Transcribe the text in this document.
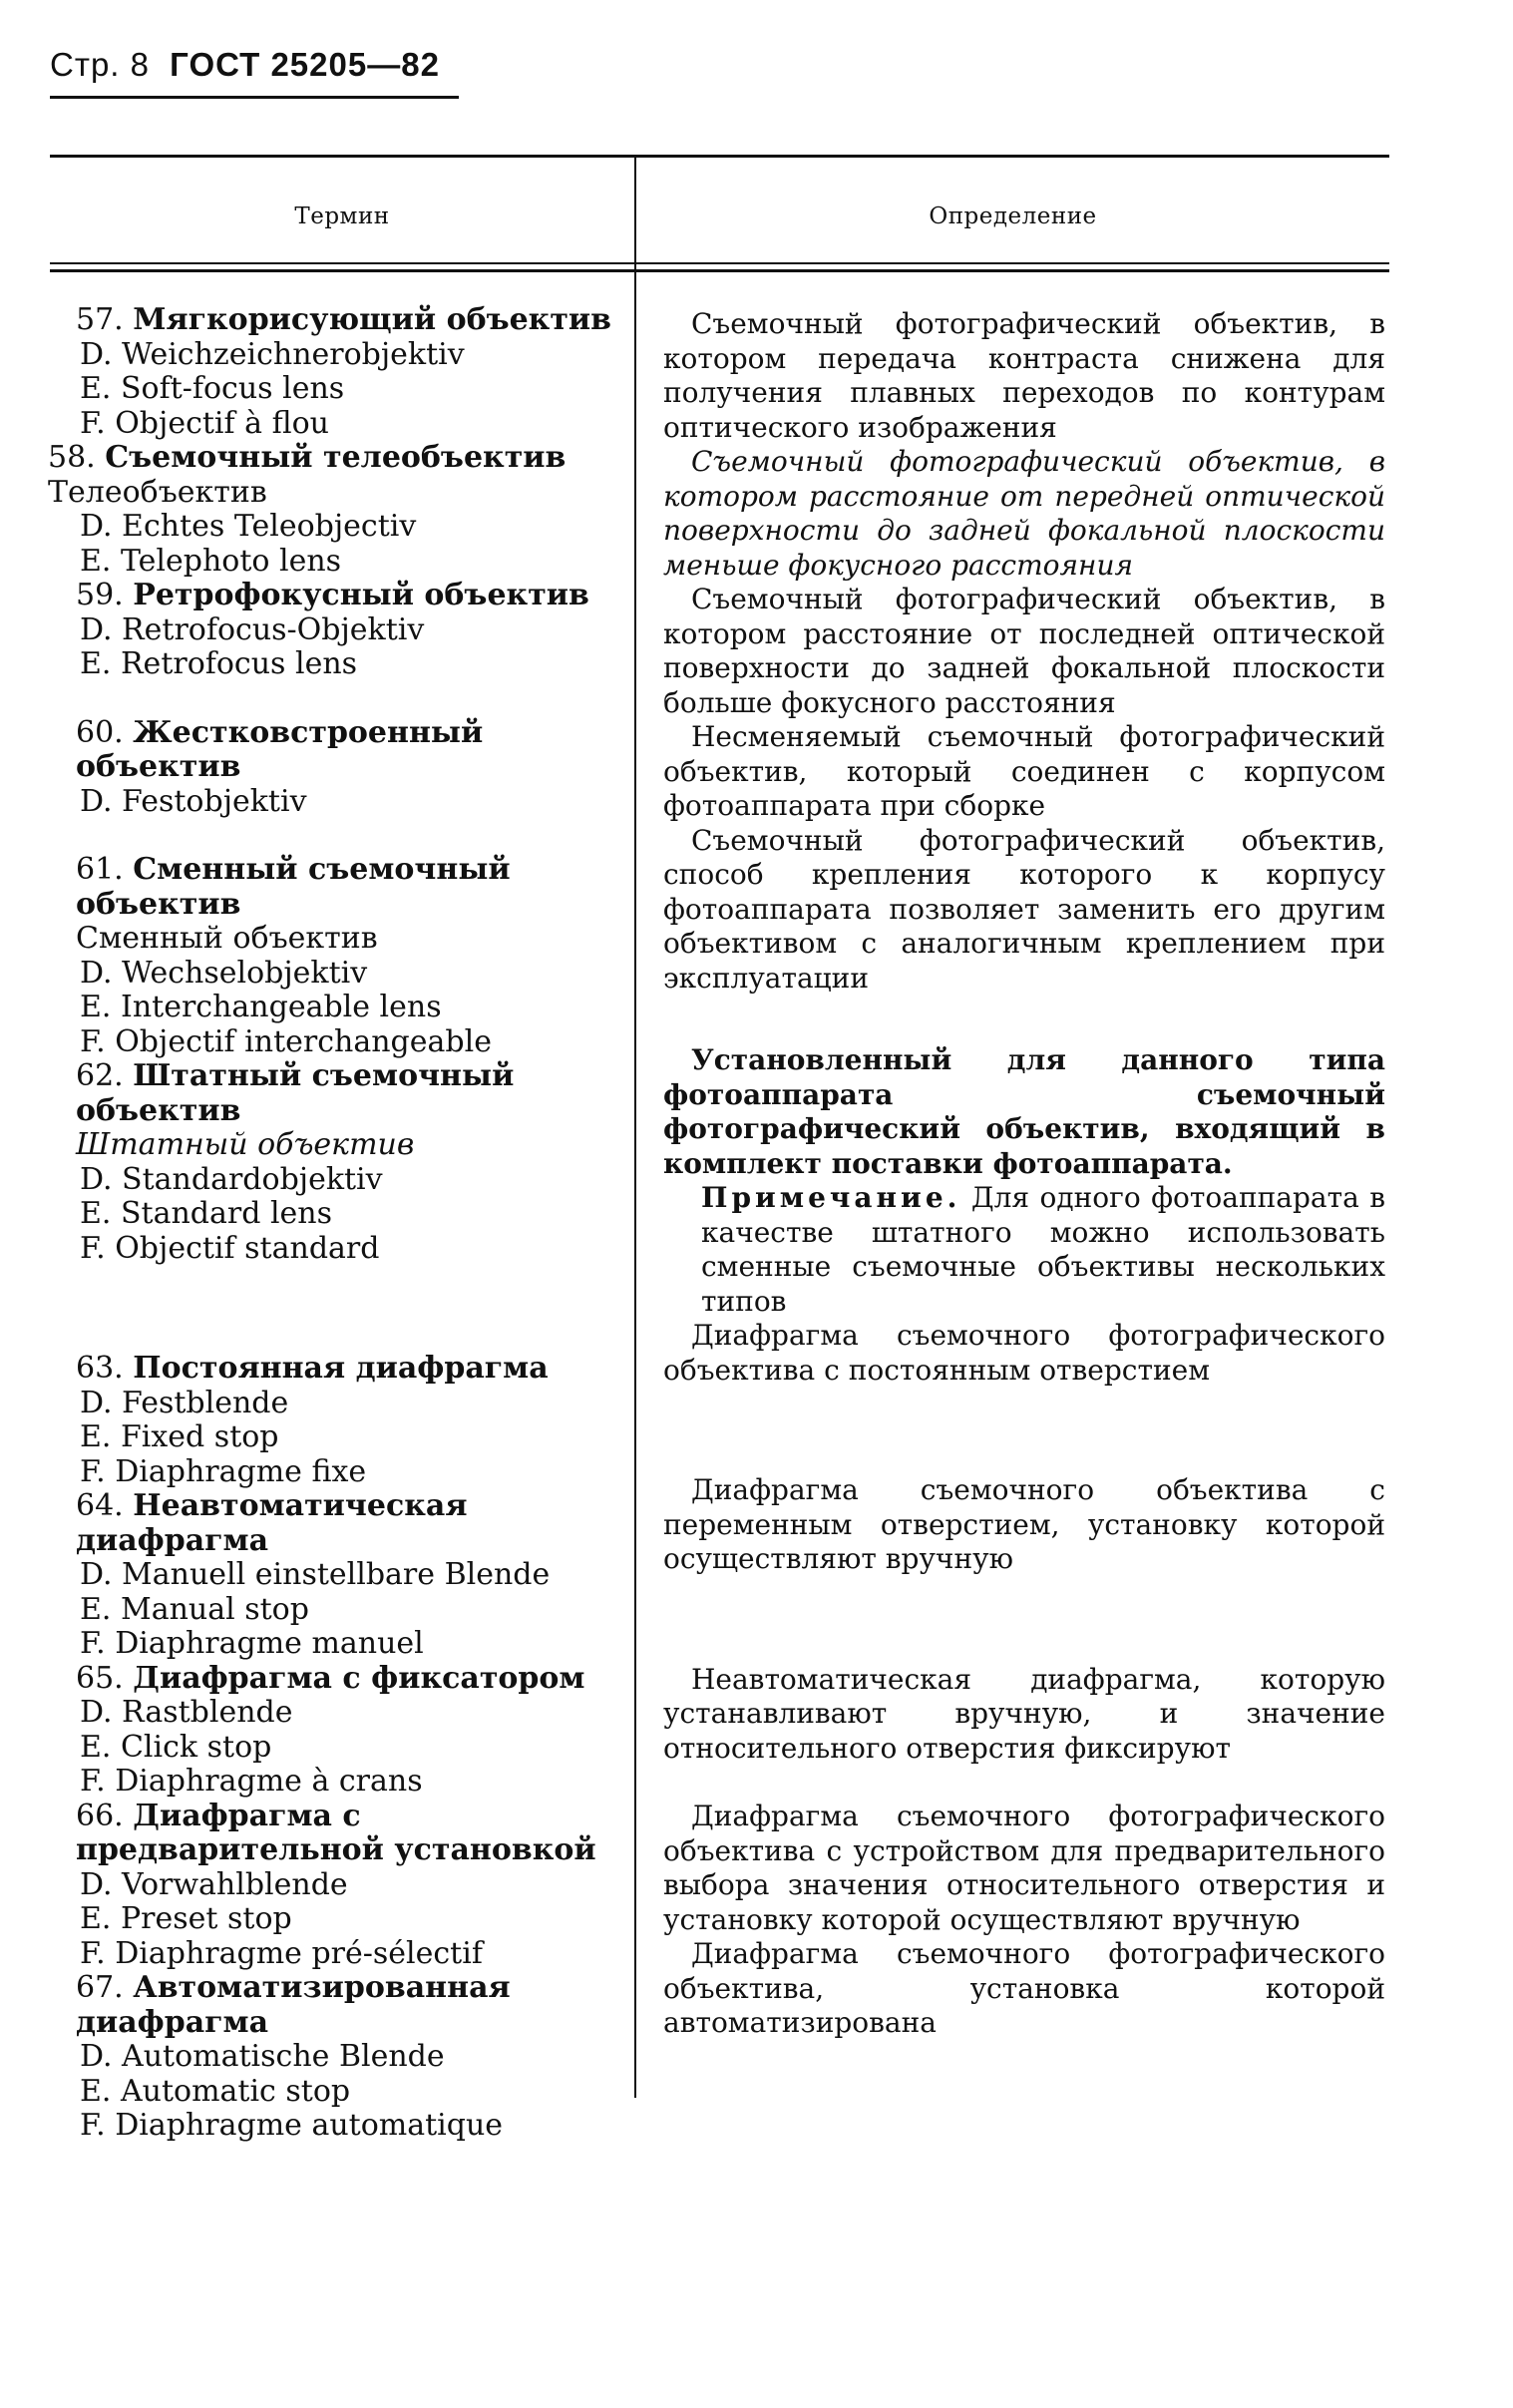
Стр. 8 ГОСТ 25205—82
Термин	Определение
57. Мягкорисующий объектив
D. Weichzeichnerobjektiv
E. Soft-focus lens
F. Objectif à flou
58. Съемочный телеобъектив
Телеобъектив
D. Echtes Teleobjectiv
E. Telephoto lens
59. Ретрофокусный объектив
D. Retrofocus-Objektiv
E. Retrofocus lens
60. Жестковстроенный объектив
D. Festobjektiv
61. Сменный съемочный объектив
Сменный объектив
D. Wechselobjektiv
E. Interchangeable lens
F. Objectif interchangeable
62. Штатный съемочный объектив
Штатный объектив
D. Standardobjektiv
E. Standard lens
F. Objectif standard
63. Постоянная диафрагма
D. Festblende
E. Fixed stop
F. Diaphragme fixe
64. Неавтоматическая диафрагма
D. Manuell einstellbare Blende
E. Manual stop
F. Diaphragme manuel
65. Диафрагма с фиксатором
D. Rastblende
E. Click stop
F. Diaphragme à crans
66. Диафрагма с предварительной установкой
D. Vorwahlblende
E. Preset stop
F. Diaphragme pré-sélectif
67. Автоматизированная диафрагма
D. Automatische Blende
E. Automatic stop
F. Diaphragme automatique
Съемочный фотографический объектив, в котором передача контраста снижена для получения плавных переходов по контурам оптического изображения
Съемочный фотографический объектив, в котором расстояние от передней оптической поверхности до задней фокальной плоскости меньше фокусного расстояния
Съемочный фотографический объектив, в котором расстояние от последней оптической поверхности до задней фокальной плоскости больше фокусного расстояния
Несменяемый съемочный фотографический объектив, который соединен с корпусом фотоаппарата при сборке
Съемочный фотографический объектив, способ крепления которого к корпусу фотоаппарата позволяет заменить его другим объективом с аналогичным креплением при эксплуатации
Установленный для данного типа фотоаппарата съемочный фотографический объектив, входящий в комплект поставки фотоаппарата.
Примечание. Для одного фотоаппарата в качестве штатного можно использовать сменные съемочные объективы нескольких типов
Диафрагма съемочного фотографического объектива с постоянным отверстием
Диафрагма съемочного объектива с переменным отверстием, установку которой осуществляют вручную
Неавтоматическая диафрагма, которую устанавливают вручную, и значение относительного отверстия фиксируют
Диафрагма съемочного фотографического объектива с устройством для предварительного выбора значения относительного отверстия и установку которой осуществляют вручную
Диафрагма съемочного фотографического объектива, установка которой автоматизирована
